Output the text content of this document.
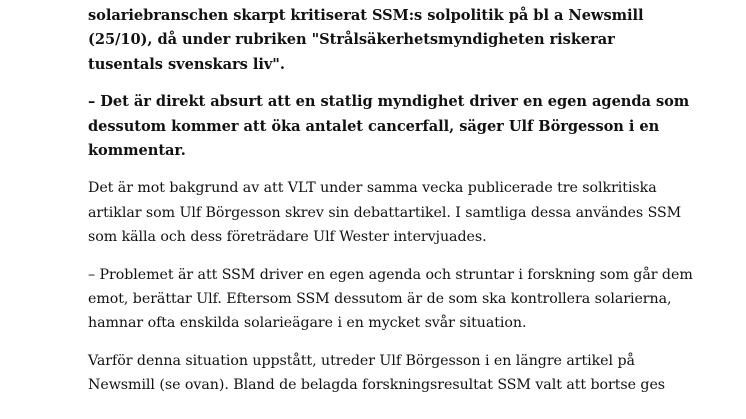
solariebranschen skarpt kritiserat SSM:s solpolitik på bl a Newsmill
(25/10), då under rubriken "Strålsäkerhetsmyndigheten riskerar
tusentals svenskars liv".

– Det är direkt absurt att en statlig myndighet driver en egen agenda som
dessutom kommer att öka antalet cancerfall, säger Ulf Börgesson i en
kommentar.

Det är mot bakgrund av att VLT under samma vecka publicerade tre solkritiska
artiklar som Ulf Börgesson skrev sin debattartikel. I samtliga dessa användes SSM
som källa och dess företrädare Ulf Wester intervjuades.

– Problemet är att SSM driver en egen agenda och struntar i forskning som går dem
emot, berättar Ulf. Eftersom SSM dessutom är de som ska kontrollera solarierna,
hamnar ofta enskilda solarieägare i en mycket svår situation.

Varför denna situation uppstått, utreder Ulf Börgesson i en längre artikel på
Newsmill (se ovan). Bland de belagda forskningsresultat SSM valt att bortse ges
